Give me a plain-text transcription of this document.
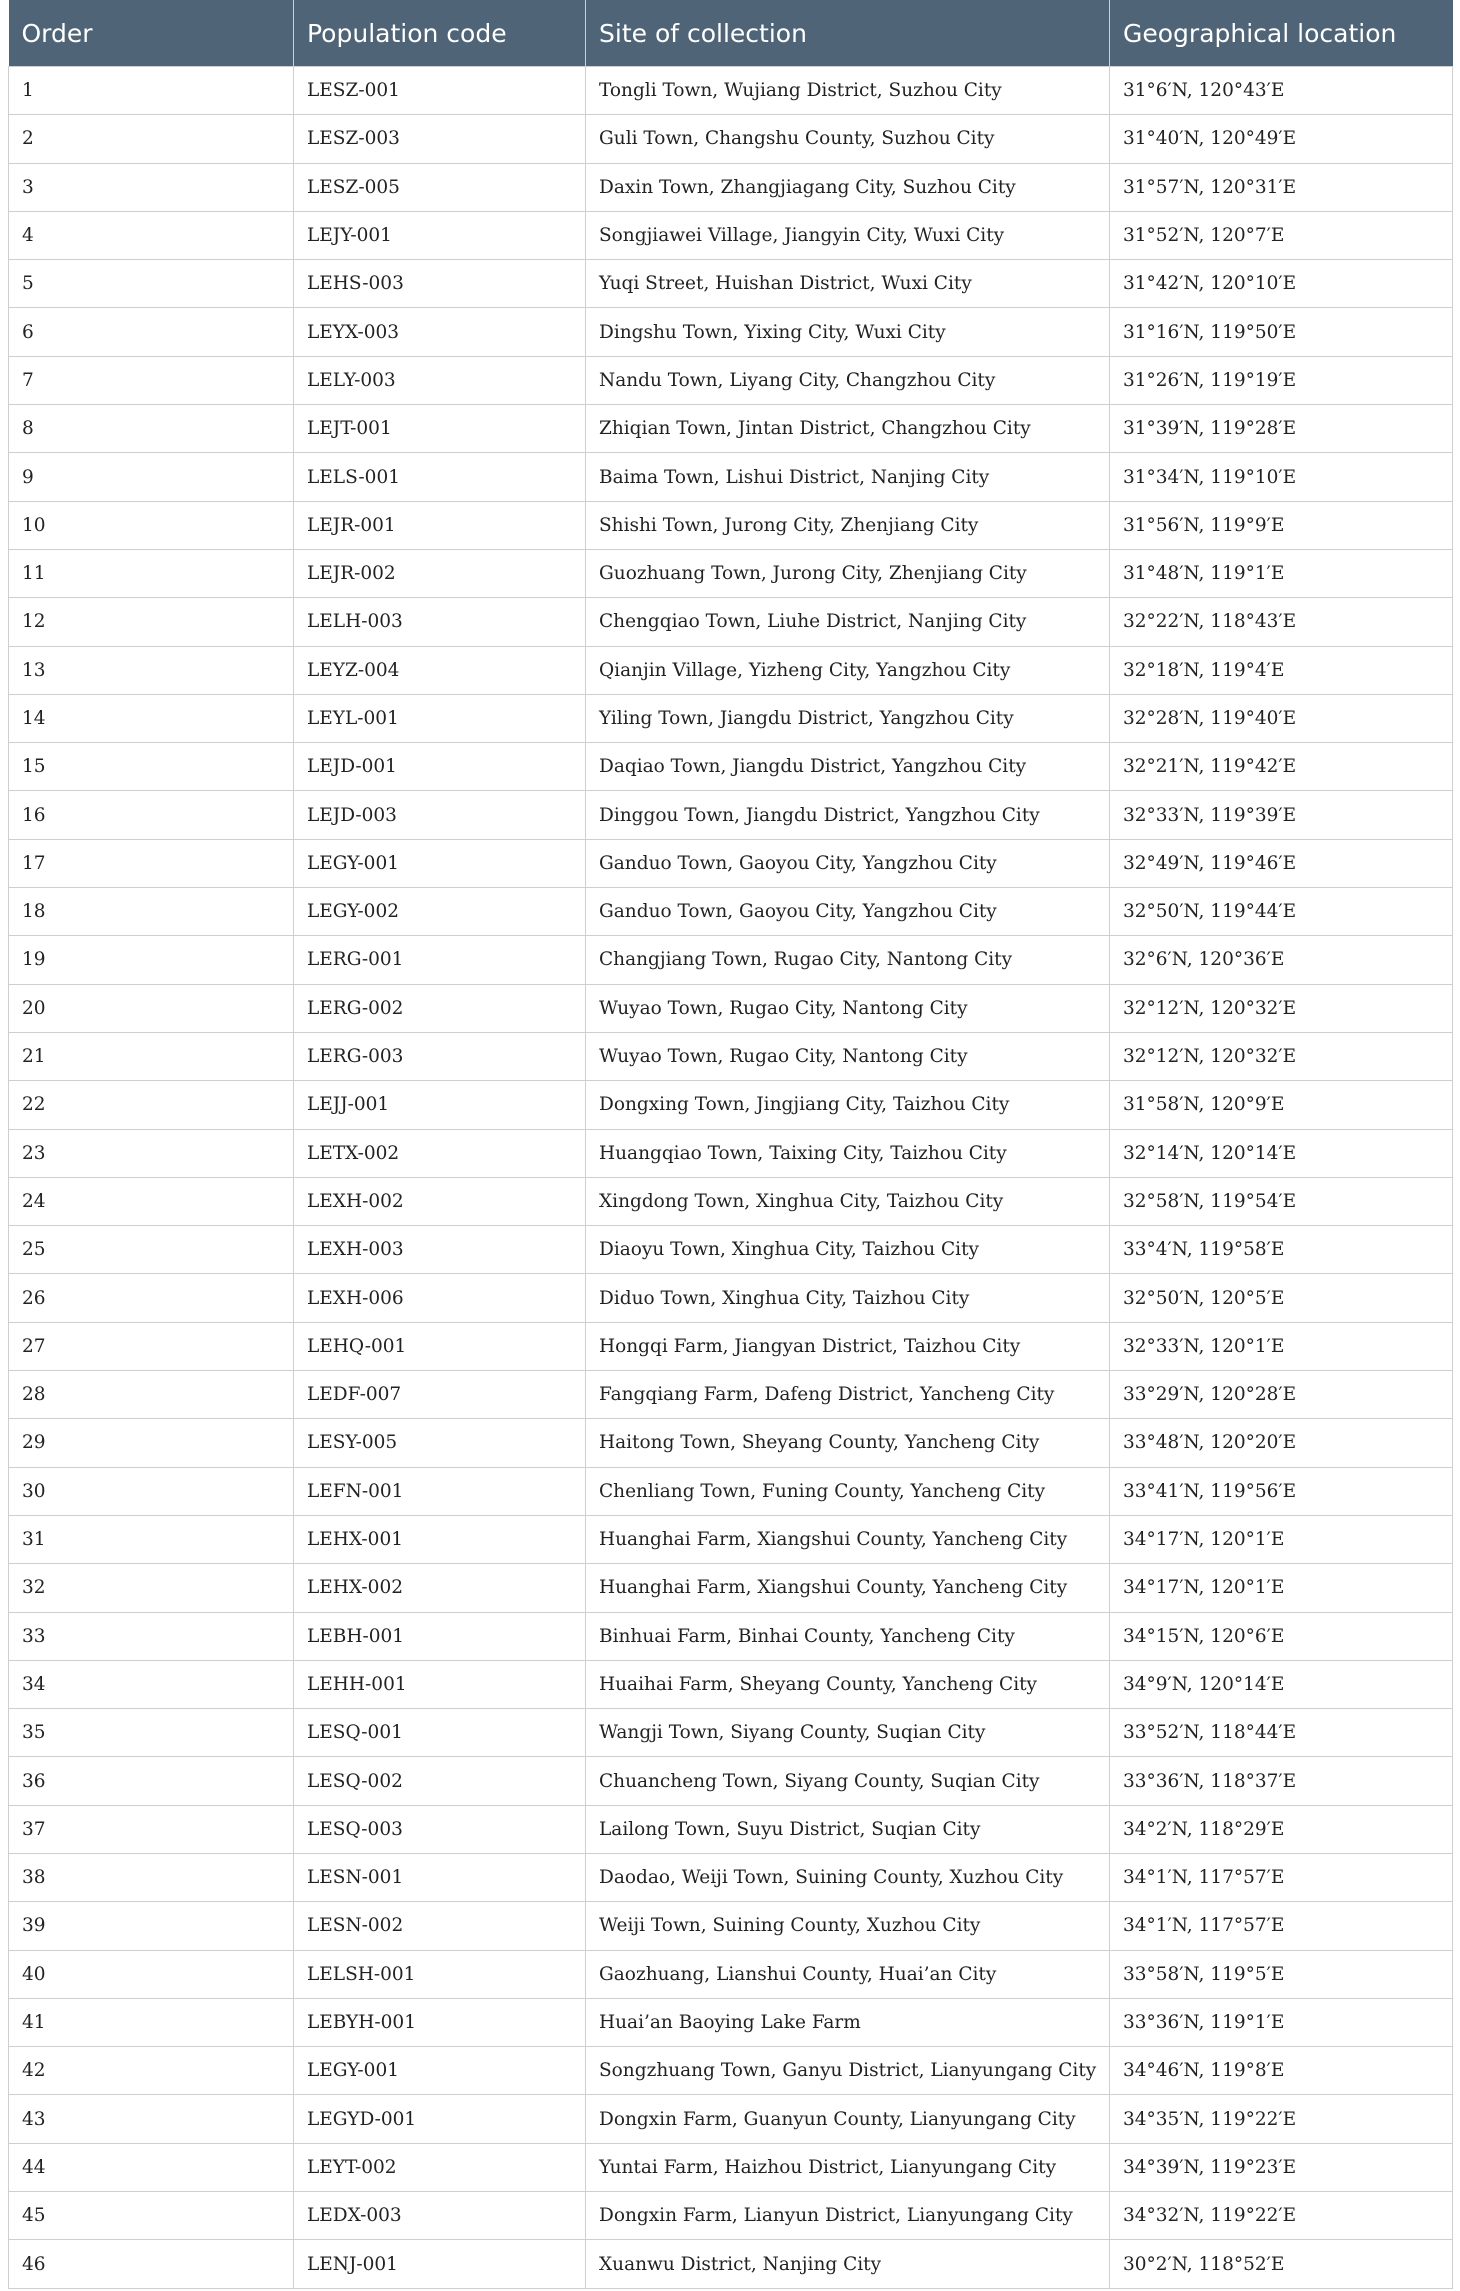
Order	Population code	Site of collection	Geographical location
1	LESZ-001	Tongli Town, Wujiang District, Suzhou City	31°6′N, 120°43′E
2	LESZ-003	Guli Town, Changshu County, Suzhou City	31°40′N, 120°49′E
3	LESZ-005	Daxin Town, Zhangjiagang City, Suzhou City	31°57′N, 120°31′E
4	LEJY-001	Songjiawei Village, Jiangyin City, Wuxi City	31°52′N, 120°7′E
5	LEHS-003	Yuqi Street, Huishan District, Wuxi City	31°42′N, 120°10′E
6	LEYX-003	Dingshu Town, Yixing City, Wuxi City	31°16′N, 119°50′E
7	LELY-003	Nandu Town, Liyang City, Changzhou City	31°26′N, 119°19′E
8	LEJT-001	Zhiqian Town, Jintan District, Changzhou City	31°39′N, 119°28′E
9	LELS-001	Baima Town, Lishui District, Nanjing City	31°34′N, 119°10′E
10	LEJR-001	Shishi Town, Jurong City, Zhenjiang City	31°56′N, 119°9′E
11	LEJR-002	Guozhuang Town, Jurong City, Zhenjiang City	31°48′N, 119°1′E
12	LELH-003	Chengqiao Town, Liuhe District, Nanjing City	32°22′N, 118°43′E
13	LEYZ-004	Qianjin Village, Yizheng City, Yangzhou City	32°18′N, 119°4′E
14	LEYL-001	Yiling Town, Jiangdu District, Yangzhou City	32°28′N, 119°40′E
15	LEJD-001	Daqiao Town, Jiangdu District, Yangzhou City	32°21′N, 119°42′E
16	LEJD-003	Dinggou Town, Jiangdu District, Yangzhou City	32°33′N, 119°39′E
17	LEGY-001	Ganduo Town, Gaoyou City, Yangzhou City	32°49′N, 119°46′E
18	LEGY-002	Ganduo Town, Gaoyou City, Yangzhou City	32°50′N, 119°44′E
19	LERG-001	Changjiang Town, Rugao City, Nantong City	32°6′N, 120°36′E
20	LERG-002	Wuyao Town, Rugao City, Nantong City	32°12′N, 120°32′E
21	LERG-003	Wuyao Town, Rugao City, Nantong City	32°12′N, 120°32′E
22	LEJJ-001	Dongxing Town, Jingjiang City, Taizhou City	31°58′N, 120°9′E
23	LETX-002	Huangqiao Town, Taixing City, Taizhou City	32°14′N, 120°14′E
24	LEXH-002	Xingdong Town, Xinghua City, Taizhou City	32°58′N, 119°54′E
25	LEXH-003	Diaoyu Town, Xinghua City, Taizhou City	33°4′N, 119°58′E
26	LEXH-006	Diduo Town, Xinghua City, Taizhou City	32°50′N, 120°5′E
27	LEHQ-001	Hongqi Farm, Jiangyan District, Taizhou City	32°33′N, 120°1′E
28	LEDF-007	Fangqiang Farm, Dafeng District, Yancheng City	33°29′N, 120°28′E
29	LESY-005	Haitong Town, Sheyang County, Yancheng City	33°48′N, 120°20′E
30	LEFN-001	Chenliang Town, Funing County, Yancheng City	33°41′N, 119°56′E
31	LEHX-001	Huanghai Farm, Xiangshui County, Yancheng City	34°17′N, 120°1′E
32	LEHX-002	Huanghai Farm, Xiangshui County, Yancheng City	34°17′N, 120°1′E
33	LEBH-001	Binhuai Farm, Binhai County, Yancheng City	34°15′N, 120°6′E
34	LEHH-001	Huaihai Farm, Sheyang County, Yancheng City	34°9′N, 120°14′E
35	LESQ-001	Wangji Town, Siyang County, Suqian City	33°52′N, 118°44′E
36	LESQ-002	Chuancheng Town, Siyang County, Suqian City	33°36′N, 118°37′E
37	LESQ-003	Lailong Town, Suyu District, Suqian City	34°2′N, 118°29′E
38	LESN-001	Daodao, Weiji Town, Suining County, Xuzhou City	34°1′N, 117°57′E
39	LESN-002	Weiji Town, Suining County, Xuzhou City	34°1′N, 117°57′E
40	LELSH-001	Gaozhuang, Lianshui County, Huai’an City	33°58′N, 119°5′E
41	LEBYH-001	Huai’an Baoying Lake Farm	33°36′N, 119°1′E
42	LEGY-001	Songzhuang Town, Ganyu District, Lianyungang City	34°46′N, 119°8′E
43	LEGYD-001	Dongxin Farm, Guanyun County, Lianyungang City	34°35′N, 119°22′E
44	LEYT-002	Yuntai Farm, Haizhou District, Lianyungang City	34°39′N, 119°23′E
45	LEDX-003	Dongxin Farm, Lianyun District, Lianyungang City	34°32′N, 119°22′E
46	LENJ-001	Xuanwu District, Nanjing City	30°2′N, 118°52′E
